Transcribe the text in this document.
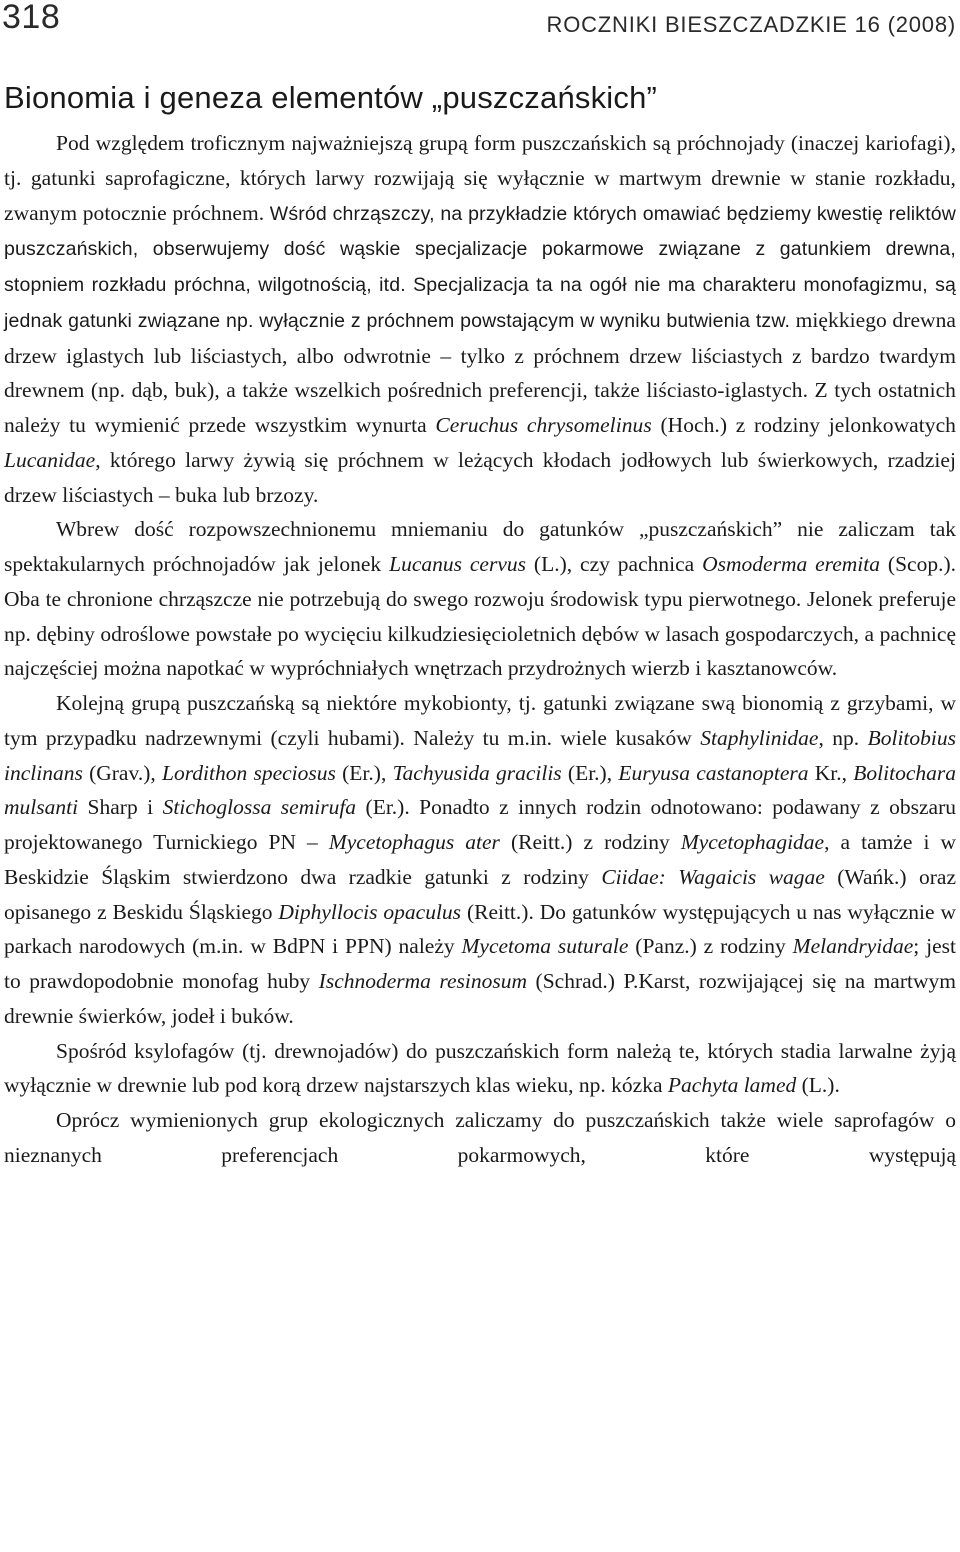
318	ROCZNIKI BIESZCZADZKIE 16 (2008)
Bionomia i geneza elementów „puszczańskich”

Pod względem troficznym najważniejszą grupą form puszczańskich są próchnojady (inaczej kariofagi), tj. gatunki saprofagiczne, których larwy rozwijają się wyłącznie w martwym drewnie w stanie rozkładu, zwanym potocznie próchnem. Wśród chrząszczy, na przykładzie których omawiać będziemy kwestię reliktów puszczańskich, obserwujemy dość wąskie specjalizacje pokarmowe związane z gatunkiem drewna, stopniem rozkładu próchna, wilgotnością, itd. Specjalizacja ta na ogół nie ma charakteru monofagizmu, są jednak gatunki związane np. wyłącznie z próchnem powstającym w wyniku butwienia tzw. miękkiego drewna drzew iglastych lub liściastych, albo odwrotnie – tylko z próchnem drzew liściastych z bardzo twardym drewnem (np. dąb, buk), a także wszelkich pośrednich preferencji, także liściasto-iglastych. Z tych ostatnich należy tu wymienić przede wszystkim wynurta Ceruchus chrysomelinus (Hoch.) z rodziny jelonkowatych Lucanidae, którego larwy żywią się próchnem w leżących kłodach jodłowych lub świerkowych, rzadziej drzew liściastych – buka lub brzozy.

Wbrew dość rozpowszechnionemu mniemaniu do gatunków „puszczańskich” nie zaliczam tak spektakularnych próchnojadów jak jelonek Lucanus cervus (L.), czy pachnica Osmoderma eremita (Scop.). Oba te chronione chrząszcze nie potrzebują do swego rozwoju środowisk typu pierwotnego. Jelonek preferuje np. dębiny odroślowe powstałe po wycięciu kilkudziesięcioletnich dębów w lasach gospodarczych, a pachnicę najczęściej można napotkać w wypróchniałych wnętrzach przydrożnych wierzb i kasztanowców.

Kolejną grupą puszczańską są niektóre mykobionty, tj. gatunki związane swą bionomią z grzybami, w tym przypadku nadrzewnymi (czyli hubami). Należy tu m.in. wiele kusaków Staphylinidae, np. Bolitobius inclinans (Grav.), Lordithon speciosus (Er.), Tachyusida gracilis (Er.), Euryusa castanoptera Kr., Bolitochara mulsanti Sharp i Stichoglossa semirufa (Er.). Ponadto z innych rodzin odnotowano: podawany z obszaru projektowanego Turnickiego PN – Mycetophagus ater (Reitt.) z rodziny Mycetophagidae, a tamże i w Beskidzie Śląskim stwierdzono dwa rzadkie gatunki z rodziny Ciidae: Wagaicis wagae (Wańk.) oraz opisanego z Beskidu Śląskiego Diphyllocis opaculus (Reitt.). Do gatunków występujących u nas wyłącznie w parkach narodowych (m.in. w BdPN i PPN) należy Mycetoma suturale (Panz.) z rodziny Melandryidae; jest to prawdopodobnie monofag huby Ischnoderma resinosum (Schrad.) P.Karst, rozwijającej się na martwym drewnie świerków, jodeł i buków.

Spośród ksylofagów (tj. drewnojadów) do puszczańskich form należą te, których stadia larwalne żyją wyłącznie w drewnie lub pod korą drzew najstarszych klas wieku, np. kózka Pachyta lamed (L.).

Oprócz wymienionych grup ekologicznych zaliczamy do puszczańskich także wiele saprofagów o nieznanych preferencjach pokarmowych, które występują
